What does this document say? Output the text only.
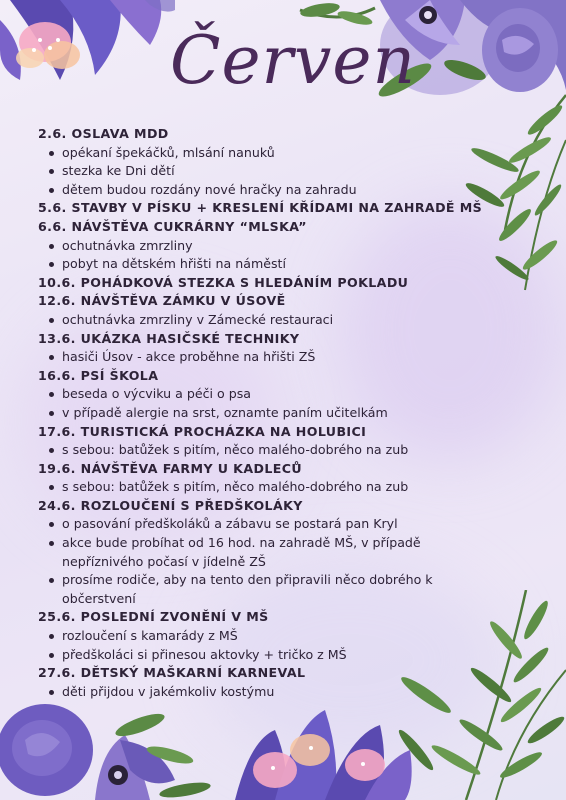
Červen
2.6. OSLAVA MDD
opékaní špekáčků, mlsání nanuků
stezka ke Dni dětí
dětem budou rozdány nové hračky na zahradu
5.6. STAVBY V PÍSKU + KRESLENÍ KŘÍDAMI NA ZAHRADĚ MŠ
6.6. NÁVŠTĚVA CUKRÁRNY “MLSKA”
ochutnávka zmrzliny
pobyt na dětském hřišti na náměstí
10.6. POHÁDKOVÁ STEZKA S HLEDÁNÍM POKLADU
12.6. NÁVŠTĚVA ZÁMKU V ÚSOVĚ
ochutnávka zmrzliny v Zámecké restauraci
13.6. UKÁZKA HASIČSKÉ TECHNIKY
hasiči Úsov - akce proběhne na hřišti ZŠ
16.6. PSÍ ŠKOLA
beseda o výcviku a péči o psa
v případě alergie na srst, oznamte paním učitelkám
17.6. TURISTICKÁ PROCHÁZKA NA HOLUBICI
s sebou: batůžek s pitím, něco malého-dobrého na zub
19.6. NÁVŠTĚVA FARMY U KADLECŮ
s sebou: batůžek s pitím, něco malého-dobrého na zub
24.6. ROZLOUČENÍ S PŘEDŠKOLÁKY
o pasování předškoláků a zábavu se postará pan Kryl
akce bude probíhat od 16 hod. na zahradě MŠ, v případě nepříznivého počasí v jídelně ZŠ
prosíme rodiče, aby na tento den připravili něco dobrého k občerstvení
25.6. POSLEDNÍ ZVONĚNÍ V MŠ
rozloučení s kamarády z MŠ
předškoláci si přinesou aktovky + tričko z MŠ
27.6. DĚTSKÝ MAŠKARNÍ KARNEVAL
děti přijdou v jakémkoliv kostýmu
